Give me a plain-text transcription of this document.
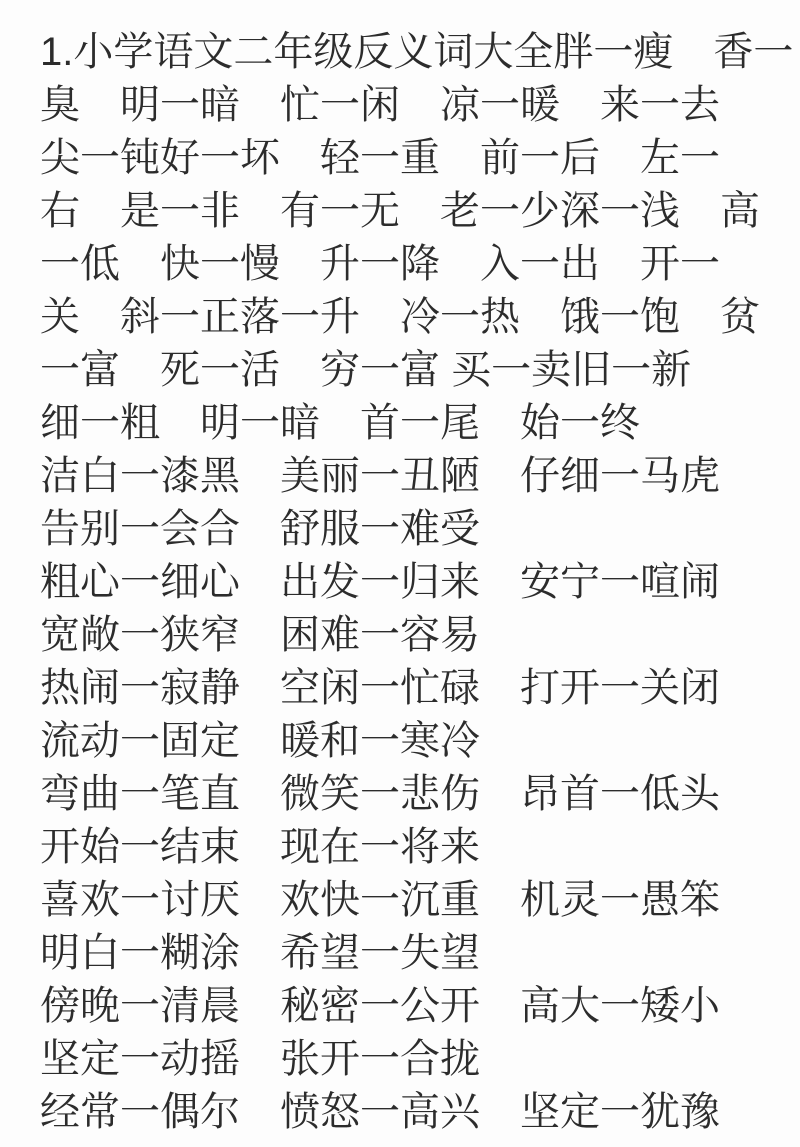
1.小学语文二年级反义词大全胖一瘦　香一
臭　明一暗　忙一闲　凉一暖　来一去
尖一钝好一坏　轻一重　前一后　左一
右　是一非　有一无　老一少深一浅　高
一低　快一慢　升一降　入一出　开一
关　斜一正落一升　冷一热　饿一饱　贫
一富　死一活　穷一富 买一卖旧一新
细一粗　明一暗　首一尾　始一终
洁白一漆黑　美丽一丑陋　仔细一马虎
告别一会合　舒服一难受
粗心一细心　出发一归来　安宁一喧闹
宽敞一狭窄　困难一容易
热闹一寂静　空闲一忙碌　打开一关闭
流动一固定　暖和一寒冷
弯曲一笔直　微笑一悲伤　昂首一低头
开始一结束　现在一将来
喜欢一讨厌　欢快一沉重　机灵一愚笨
明白一糊涂　希望一失望
傍晚一清晨　秘密一公开　高大一矮小
坚定一动摇　张开一合拢
经常一偶尔　愤怒一高兴　坚定一犹豫
